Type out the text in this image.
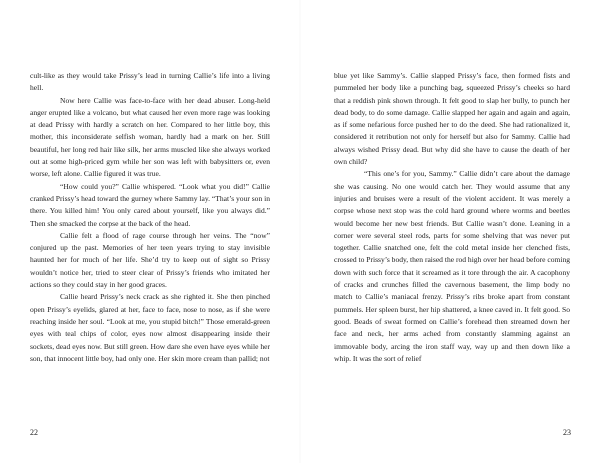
cult-like as they would take Prissy’s lead in turning Callie’s life into a living hell.

Now here Callie was face-to-face with her dead abuser. Long-held anger erupted like a volcano, but what caused her even more rage was looking at dead Prissy with hardly a scratch on her. Compared to her little boy, this mother, this inconsiderate selfish woman, hardly had a mark on her. Still beautiful, her long red hair like silk, her arms muscled like she always worked out at some high-priced gym while her son was left with babysitters or, even worse, left alone. Callie figured it was true.

“How could you?” Callie whispered. “Look what you did!” Callie cranked Prissy’s head toward the gurney where Sammy lay. “That’s your son in there. You killed him! You only cared about yourself, like you always did.” Then she smacked the corpse at the back of the head.

Callie felt a flood of rage course through her veins. The “now” conjured up the past. Memories of her teen years trying to stay invisible haunted her for much of her life. She’d try to keep out of sight so Prissy wouldn’t notice her, tried to steer clear of Prissy’s friends who imitated her actions so they could stay in her good graces.

Callie heard Prissy’s neck crack as she righted it. She then pinched open Prissy’s eyelids, glared at her, face to face, nose to nose, as if she were reaching inside her soul. “Look at me, you stupid bitch!” Those emerald-green eyes with teal chips of color, eyes now almost disappearing inside their sockets, dead eyes now. But still green. How dare she even have eyes while her son, that innocent little boy, had only one. Her skin more cream than pallid; not

blue yet like Sammy’s. Callie slapped Prissy’s face, then formed fists and pummeled her body like a punching bag, squeezed Prissy’s cheeks so hard that a reddish pink shown through. It felt good to slap her bully, to punch her dead body, to do some damage. Callie slapped her again and again and again, as if some nefarious force pushed her to do the deed. She had rationalized it, considered it retribution not only for herself but also for Sammy. Callie had always wished Prissy dead. But why did she have to cause the death of her own child?

“This one’s for you, Sammy.” Callie didn’t care about the damage she was causing. No one would catch her. They would assume that any injuries and bruises were a result of the violent accident. It was merely a corpse whose next stop was the cold hard ground where worms and beetles would become her new best friends. But Callie wasn’t done. Leaning in a corner were several steel rods, parts for some shelving that was never put together. Callie snatched one, felt the cold metal inside her clenched fists, crossed to Prissy’s body, then raised the rod high over her head before coming down with such force that it screamed as it tore through the air. A cacophony of cracks and crunches filled the cavernous basement, the limp body no match to Callie’s maniacal frenzy. Prissy’s ribs broke apart from constant pummels. Her spleen burst, her hip shattered, a knee caved in. It felt good. So good. Beads of sweat formed on Callie’s forehead then streamed down her face and neck, her arms ached from constantly slamming against an immovable body, arcing the iron staff way, way up and then down like a whip. It was the sort of relief

22	23
